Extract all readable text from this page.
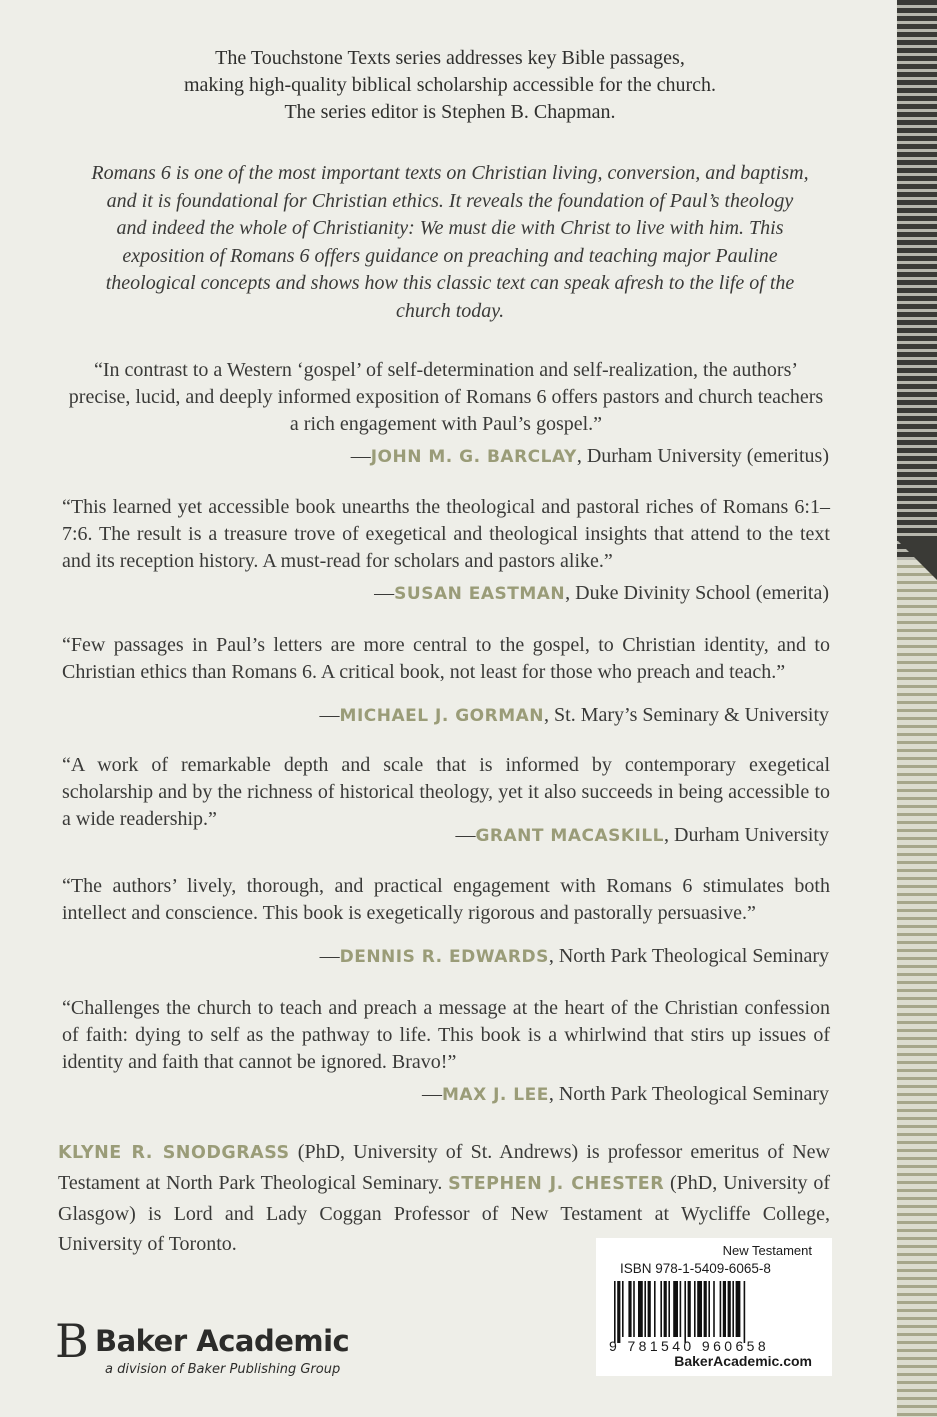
The Touchstone Texts series addresses key Bible passages,
making high-quality biblical scholarship accessible for the church.
The series editor is Stephen B. Chapman.
Romans 6 is one of the most important texts on Christian living, conversion, and baptism, and it is foundational for Christian ethics. It reveals the foundation of Paul’s theology and indeed the whole of Christianity: We must die with Christ to live with him. This exposition of Romans 6 offers guidance on preaching and teaching major Pauline theological concepts and shows how this classic text can speak afresh to the life of the church today.
“In contrast to a Western ‘gospel’ of self-determination and self-realization, the authors’ precise, lucid, and deeply informed exposition of Romans 6 offers pastors and church teachers a rich engagement with Paul’s gospel.”
—JOHN M. G. BARCLAY, Durham University (emeritus)
“This learned yet accessible book unearths the theological and pastoral riches of Romans 6:1–7:6. The result is a treasure trove of exegetical and theological insights that attend to the text and its reception history. A must-read for scholars and pastors alike.”
—SUSAN EASTMAN, Duke Divinity School (emerita)
“Few passages in Paul’s letters are more central to the gospel, to Christian identity, and to Christian ethics than Romans 6. A critical book, not least for those who preach and teach.”
—MICHAEL J. GORMAN, St. Mary’s Seminary & University
“A work of remarkable depth and scale that is informed by contemporary exegetical scholarship and by the richness of historical theology, yet it also succeeds in being accessible to a wide readership.”
—GRANT MACASKILL, Durham University
“The authors’ lively, thorough, and practical engagement with Romans 6 stimulates both intellect and conscience. This book is exegetically rigorous and pastorally persuasive.”
—DENNIS R. EDWARDS, North Park Theological Seminary
“Challenges the church to teach and preach a message at the heart of the Christian confession of faith: dying to self as the pathway to life. This book is a whirlwind that stirs up issues of identity and faith that cannot be ignored. Bravo!”
—MAX J. LEE, North Park Theological Seminary
KLYNE R. SNODGRASS (PhD, University of St. Andrews) is professor emeritus of New Testament at North Park Theological Seminary. STEPHEN J. CHESTER (PhD, University of Glasgow) is Lord and Lady Coggan Professor of New Testament at Wycliffe College, University of Toronto.
B Baker Academic
a division of Baker Publishing Group
New Testament
ISBN 978-1-5409-6065-8
9 781540 960658
BakerAcademic.com
